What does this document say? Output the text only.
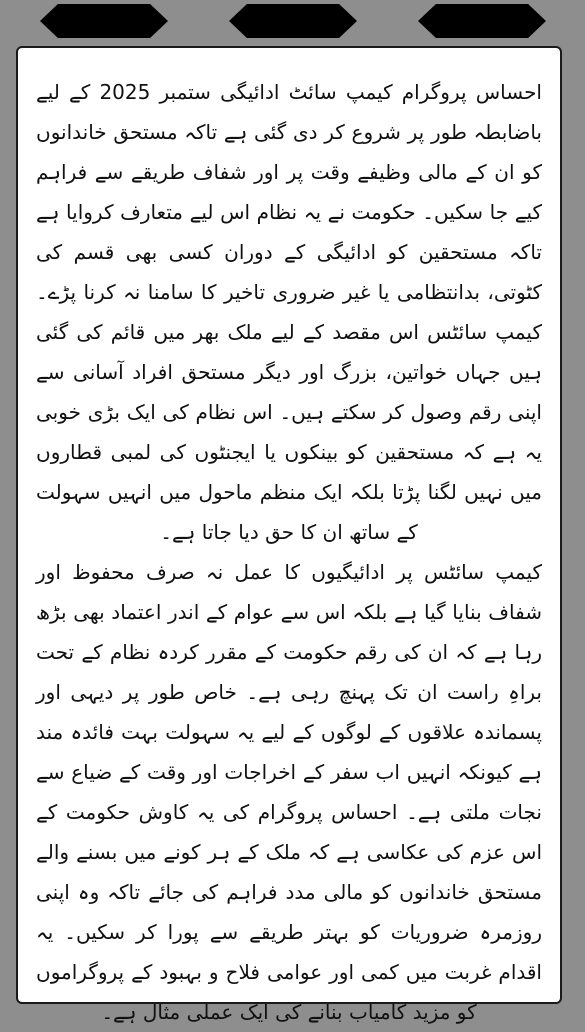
احساس پروگرام کیمپ سائٹ ادائیگی ستمبر 2025 کے لیے باضابطہ طور پر شروع کر دی گئی ہے تاکہ مستحق خاندانوں کو ان کے مالی وظیفے وقت پر اور شفاف طریقے سے فراہم کیے جا سکیں۔ حکومت نے یہ نظام اس لیے متعارف کروایا ہے تاکہ مستحقین کو ادائیگی کے دوران کسی بھی قسم کی کٹوتی، بدانتظامی یا غیر ضروری تاخیر کا سامنا نہ کرنا پڑے۔ کیمپ سائٹس اس مقصد کے لیے ملک بھر میں قائم کی گئی ہیں جہاں خواتین، بزرگ اور دیگر مستحق افراد آسانی سے اپنی رقم وصول کر سکتے ہیں۔ اس نظام کی ایک بڑی خوبی یہ ہے کہ مستحقین کو بینکوں یا ایجنٹوں کی لمبی قطاروں میں نہیں لگنا پڑتا بلکہ ایک منظم ماحول میں انہیں سہولت کے ساتھ ان کا حق دیا جاتا ہے۔

کیمپ سائٹس پر ادائیگیوں کا عمل نہ صرف محفوظ اور شفاف بنایا گیا ہے بلکہ اس سے عوام کے اندر اعتماد بھی بڑھ رہا ہے کہ ان کی رقم حکومت کے مقرر کردہ نظام کے تحت براہِ راست ان تک پہنچ رہی ہے۔ خاص طور پر دیہی اور پسماندہ علاقوں کے لوگوں کے لیے یہ سہولت بہت فائدہ مند ہے کیونکہ انہیں اب سفر کے اخراجات اور وقت کے ضیاع سے نجات ملتی ہے۔ احساس پروگرام کی یہ کاوش حکومت کے اس عزم کی عکاسی ہے کہ ملک کے ہر کونے میں بسنے والے مستحق خاندانوں کو مالی مدد فراہم کی جائے تاکہ وہ اپنی روزمرہ ضروریات کو بہتر طریقے سے پورا کر سکیں۔ یہ اقدام غربت میں کمی اور عوامی فلاح و بہبود کے پروگراموں کو مزید کامیاب بنانے کی ایک عملی مثال ہے۔
